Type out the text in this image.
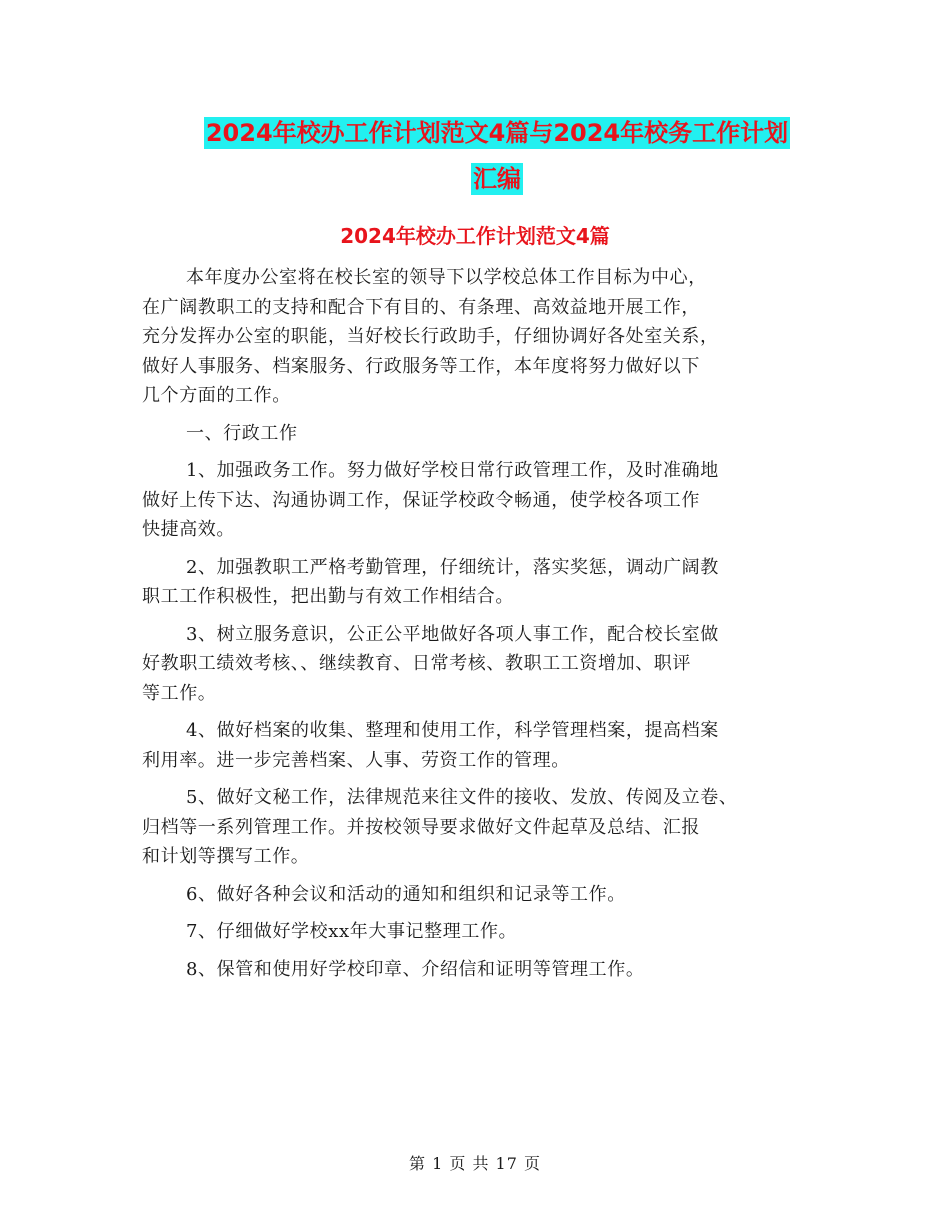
2024年校办工作计划范文4篇与2024年校务工作计划
汇编
2024年校办工作计划范文4篇
本年度办公室将在校长室的领导下以学校总体工作目标为中心，
在广阔教职工的支持和配合下有目的、有条理、高效益地开展工作，
充分发挥办公室的职能，当好校长行政助手，仔细协调好各处室关系，
做好人事服务、档案服务、行政服务等工作，本年度将努力做好以下
几个方面的工作。
一、行政工作
1、加强政务工作。努力做好学校日常行政管理工作，及时准确地
做好上传下达、沟通协调工作，保证学校政令畅通，使学校各项工作
快捷高效。
2、加强教职工严格考勤管理，仔细统计，落实奖惩，调动广阔教
职工工作积极性，把出勤与有效工作相结合。
3、树立服务意识，公正公平地做好各项人事工作，配合校长室做
好教职工绩效考核、、继续教育、日常考核、教职工工资增加、职评
等工作。
4、做好档案的收集、整理和使用工作，科学管理档案，提高档案
利用率。进一步完善档案、人事、劳资工作的管理。
5、做好文秘工作，法律规范来往文件的接收、发放、传阅及立卷、
归档等一系列管理工作。并按校领导要求做好文件起草及总结、汇报
和计划等撰写工作。
6、做好各种会议和活动的通知和组织和记录等工作。
7、仔细做好学校xx年大事记整理工作。
8、保管和使用好学校印章、介绍信和证明等管理工作。
第 1 页 共 17 页
